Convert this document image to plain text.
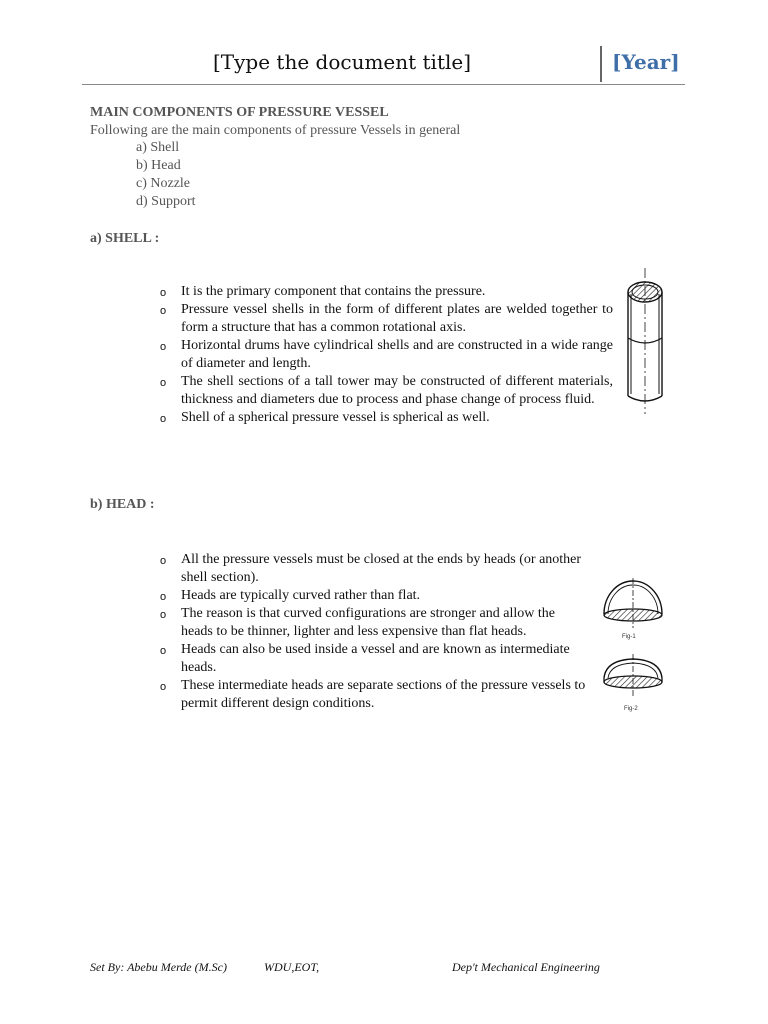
[Type the document title]	[Year]
MAIN COMPONENTS OF PRESSURE VESSEL
Following are the main components of pressure Vessels in general
a) Shell
b) Head
c) Nozzle
d) Support
a) SHELL :
o It is the primary component that contains the pressure.
o Pressure vessel shells in the form of different plates are welded together to form a structure that has a common rotational axis.
o Horizontal drums have cylindrical shells and are constructed in a wide range of diameter and length.
o The shell sections of a tall tower may be constructed of different materials, thickness and diameters due to process and phase change of process fluid.
o Shell of a spherical pressure vessel is spherical as well.
b) HEAD :
o All the pressure vessels must be closed at the ends by heads (or another shell section).
o Heads are typically curved rather than flat.
o The reason is that curved configurations are stronger and allow the heads to be thinner, lighter and less expensive than flat heads.
o Heads can also be used inside a vessel and are known as intermediate heads.
o These intermediate heads are separate sections of the pressure vessels to permit different design conditions.
Fig-1
Fig-2
Set By: Abebu Merde (M.Sc)	WDU,EOT,	Dep't Mechanical Engineering
